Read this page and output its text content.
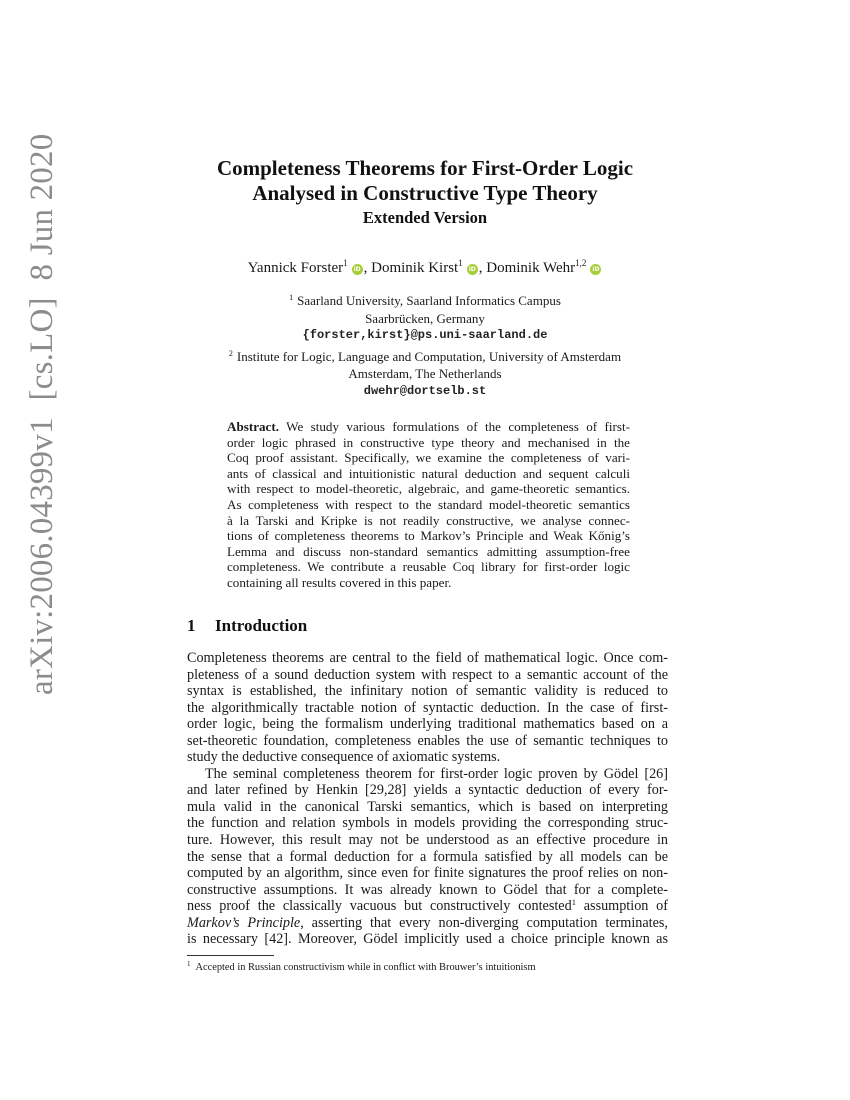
arXiv:2006.04399v1  [cs.LO]  8 Jun 2020	Completeness Theorems for First-Order Logic
Analysed in Constructive Type Theory
Extended Version
Yannick Forster$^1$iD , Dominik Kirst$^1$iD , Dominik Wehr$^{1,2}$iD
$^1$ Saarland University, Saarland Informatics Campus
Saarbrücken, Germany
{forster,kirst}@ps.uni-saarland.de
$^2$ Institute for Logic, Language and Computation, University of Amsterdam
Amsterdam, The Netherlands
dwehr@dortselb.st
Abstract. We study various formulations of the completeness of first-
order logic phrased in constructive type theory and mechanised in the
Coq proof assistant. Specifically, we examine the completeness of vari-
ants of classical and intuitionistic natural deduction and sequent calculi
with respect to model-theoretic, algebraic, and game-theoretic semantics.
As completeness with respect to the standard model-theoretic semantics
à la Tarski and Kripke is not readily constructive, we analyse connec-
tions of completeness theorems to Markov’s Principle and Weak Kőnig’s
Lemma and discuss non-standard semantics admitting assumption-free
completeness. We contribute a reusable Coq library for first-order logic
containing all results covered in this paper.
1 Introduction
Completeness theorems are central to the field of mathematical logic. Once com-
pleteness of a sound deduction system with respect to a semantic account of the
syntax is established, the infinitary notion of semantic validity is reduced to
the algorithmically tractable notion of syntactic deduction. In the case of first-
order logic, being the formalism underlying traditional mathematics based on a
set-theoretic foundation, completeness enables the use of semantic techniques to
study the deductive consequence of axiomatic systems.
The seminal completeness theorem for first-order logic proven by Gödel [26]
and later refined by Henkin [29,28] yields a syntactic deduction of every for-
mula valid in the canonical Tarski semantics, which is based on interpreting
the function and relation symbols in models providing the corresponding struc-
ture. However, this result may not be understood as an effective procedure in
the sense that a formal deduction for a formula satisfied by all models can be
computed by an algorithm, since even for finite signatures the proof relies on non-
constructive assumptions. It was already known to Gödel that for a complete-
ness proof the classically vacuous but constructively contested$^1$ assumption of
Markov’s Principle, asserting that every non-diverging computation terminates,
is necessary [42]. Moreover, Gödel implicitly used a choice principle known as
$^1$ Accepted in Russian constructivism while in conflict with Brouwer’s intuitionism
